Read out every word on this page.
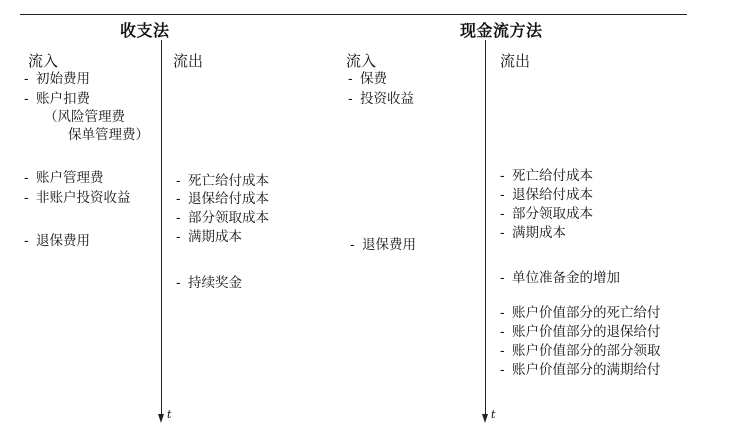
收支法
流入	流出
- 初始费用
- 账户扣费
（风险管理费
保单管理费）
- 账户管理费
- 非账户投资收益
- 退保费用
- 死亡给付成本
- 退保给付成本
- 部分领取成本
- 满期成本
- 持续奖金
t
现金流方法
流入	流出
- 保费
- 投资收益
- 退保费用
- 死亡给付成本
- 退保给付成本
- 部分领取成本
- 满期成本
- 单位准备金的增加
- 账户价值部分的死亡给付
- 账户价值部分的退保给付
- 账户价值部分的部分领取
- 账户价值部分的满期给付
t
